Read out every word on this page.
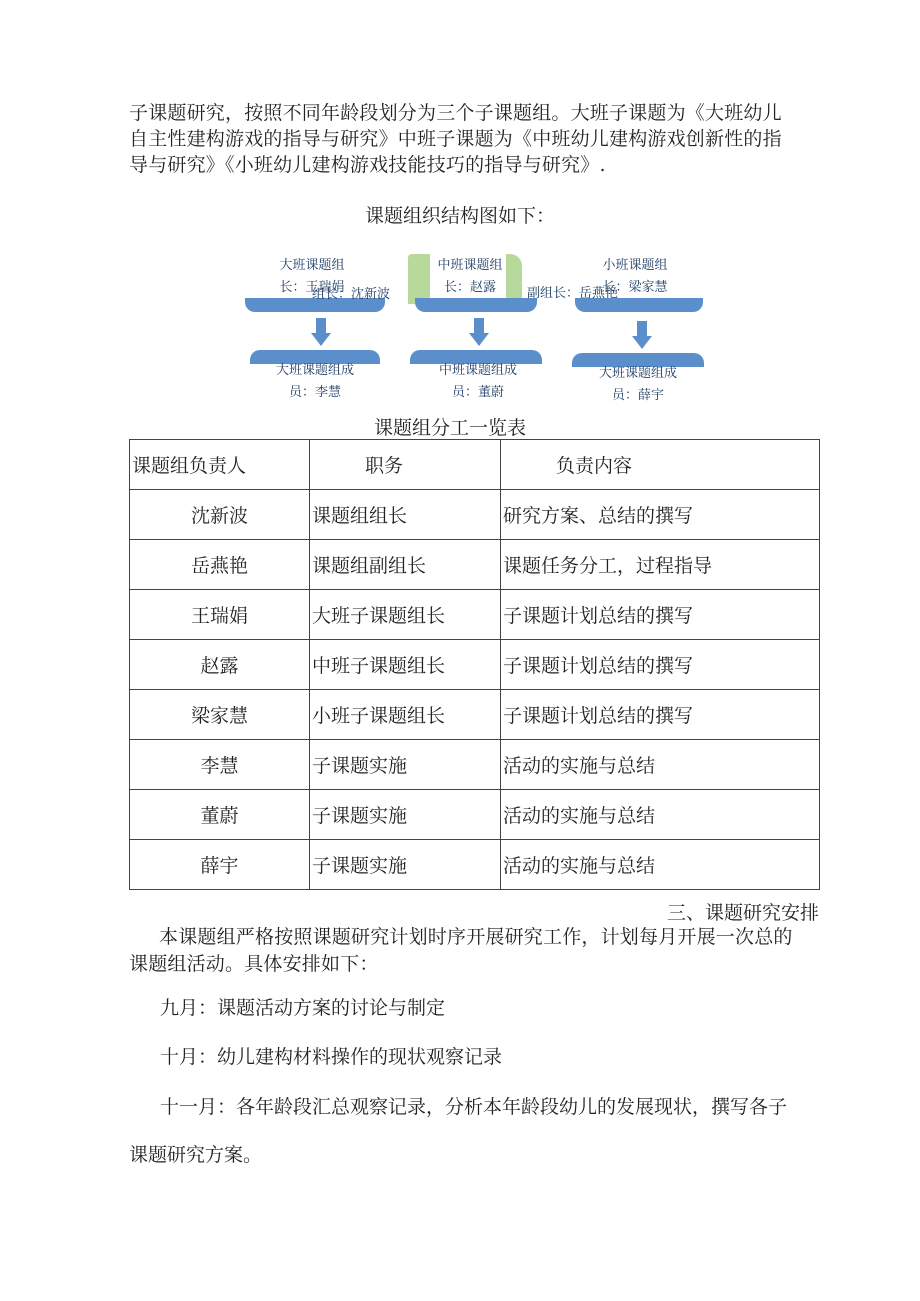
子课题研究，按照不同年龄段划分为三个子课题组。大班子课题为《大班幼儿
自主性建构游戏的指导与研究》中班子课题为《中班幼儿建构游戏创新性的指
导与研究》《小班幼儿建构游戏技能技巧的指导与研究》.
课题组织结构图如下：
大班课题组
长：王瑞娟
组长：沈新波
中班课题组
长：赵露	副组长：岳燕艳
小班课题组
长：梁家慧
大班课题组成
员：李慧
中班课题组成
员：董蔚
大班课题组成
员：薛宇
课题组分工一览表
课题组负责人	职务	负责内容
沈新波	课题组组长	研究方案、总结的撰写
岳燕艳	课题组副组长	课题任务分工，过程指导
王瑞娟	大班子课题组长	子课题计划总结的撰写
赵露	中班子课题组长	子课题计划总结的撰写
梁家慧	小班子课题组长	子课题计划总结的撰写
李慧	子课题实施	活动的实施与总结
董蔚	子课题实施	活动的实施与总结
薛宇	子课题实施	活动的实施与总结
三、课题研究安排
本课题组严格按照课题研究计划时序开展研究工作，计划每月开展一次总的
课题组活动。具体安排如下：
九月：课题活动方案的讨论与制定
十月：幼儿建构材料操作的现状观察记录
十一月：各年龄段汇总观察记录，分析本年龄段幼儿的发展现状，撰写各子
课题研究方案。
